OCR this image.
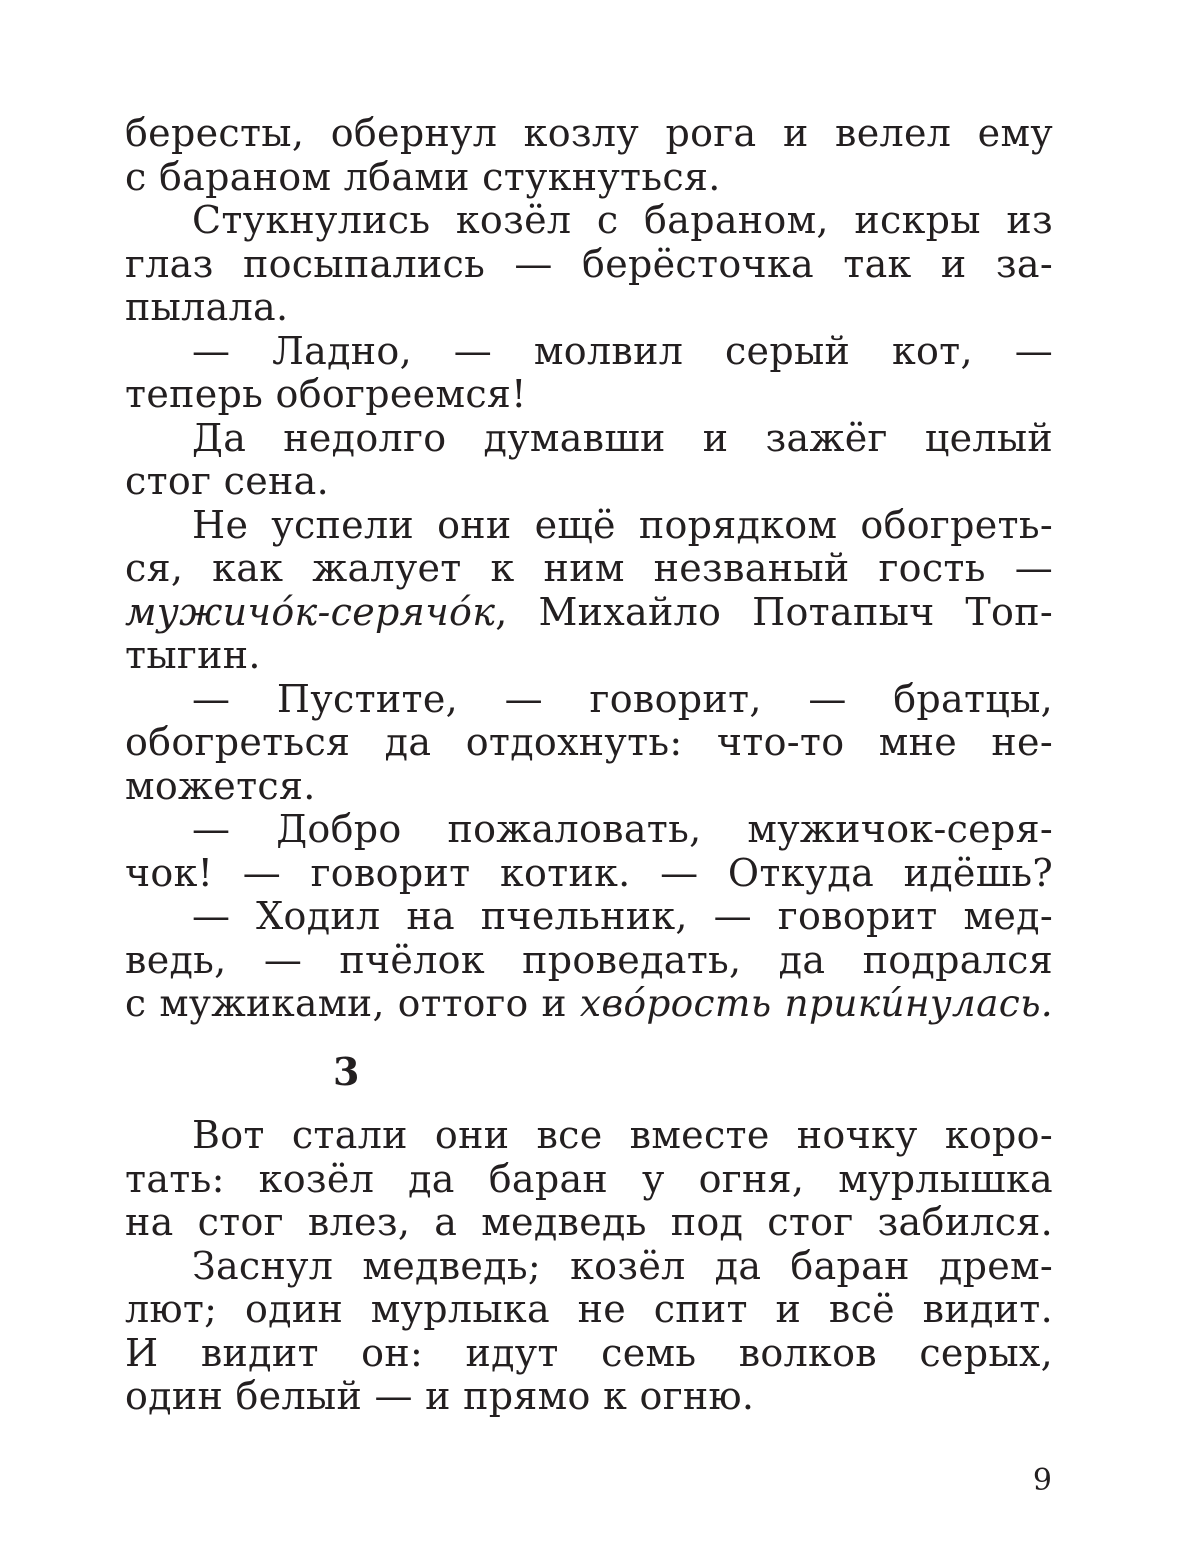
бересты, обернул козлу рога и велел ему
с бараном лбами стукнуться.
Стукнулись козёл с бараном, искры из
глаз посыпались — берёсточка так и за-
пылала.
— Ладно, — молвил серый кот, —
теперь обогреемся!
Да недолго думавши и зажёг целый
стог сена.
Не успели они ещё порядком обогреть-
ся, как жалует к ним незваный гость —
мужичо́к-серячо́к, Михайло Потапыч Топ-
тыгин.
— Пустите, — говорит, — братцы,
обогреться да отдохнуть: что-то мне не-
можется.
— Добро пожаловать, мужичок-серя-
чок! — говорит котик. — Откуда идёшь?
— Ходил на пчельник, — говорит мед-
ведь, — пчёлок проведать, да подрался
с мужиками, оттого и хво́рость прики́нулась.
3
Вот стали они все вместе ночку коро-
тать: козёл да баран у огня, мурлышка
на стог влез, а медведь под стог забился.
Заснул медведь; козёл да баран дрем-
лют; один мурлыка не спит и всё видит.
И видит он: идут семь волков серых,
один белый — и прямо к огню.
9
